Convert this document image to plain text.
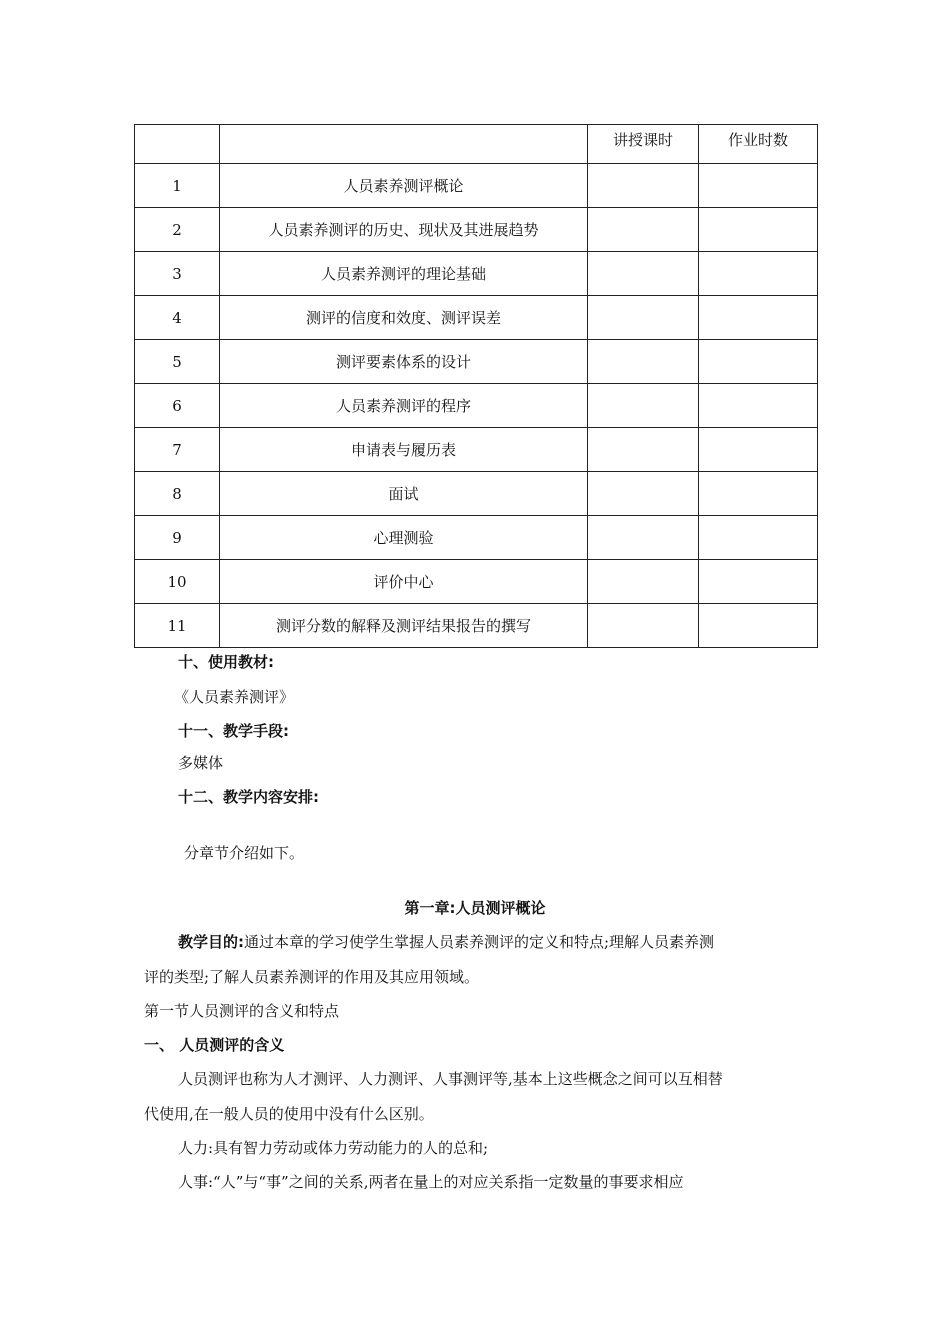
		讲授课时	作业时数
1	人员素养测评概论		
2	人员素养测评的历史、现状及其进展趋势		
3	人员素养测评的理论基础		
4	测评的信度和效度、测评误差		
5	测评要素体系的设计		
6	人员素养测评的程序		
7	申请表与履历表		
8	面试		
9	心理测验		
10	评价中心		
11	测评分数的解释及测评结果报告的撰写		
十、使用教材:
《人员素养测评》
十一、教学手段:
多媒体
十二、教学内容安排:
分章节介绍如下。
第一章:人员测评概论
教学目的:通过本章的学习使学生掌握人员素养测评的定义和特点;理解人员素养测
评的类型;了解人员素养测评的作用及其应用领域。
第一节人员测评的含义和特点
一、 人员测评的含义
人员测评也称为人才测评、人力测评、人事测评等,基本上这些概念之间可以互相替
代使用,在一般人员的使用中没有什么区别。
人力:具有智力劳动或体力劳动能力的人的总和;
人事:“人”与“事”之间的关系,两者在量上的对应关系指一定数量的事要求相应
